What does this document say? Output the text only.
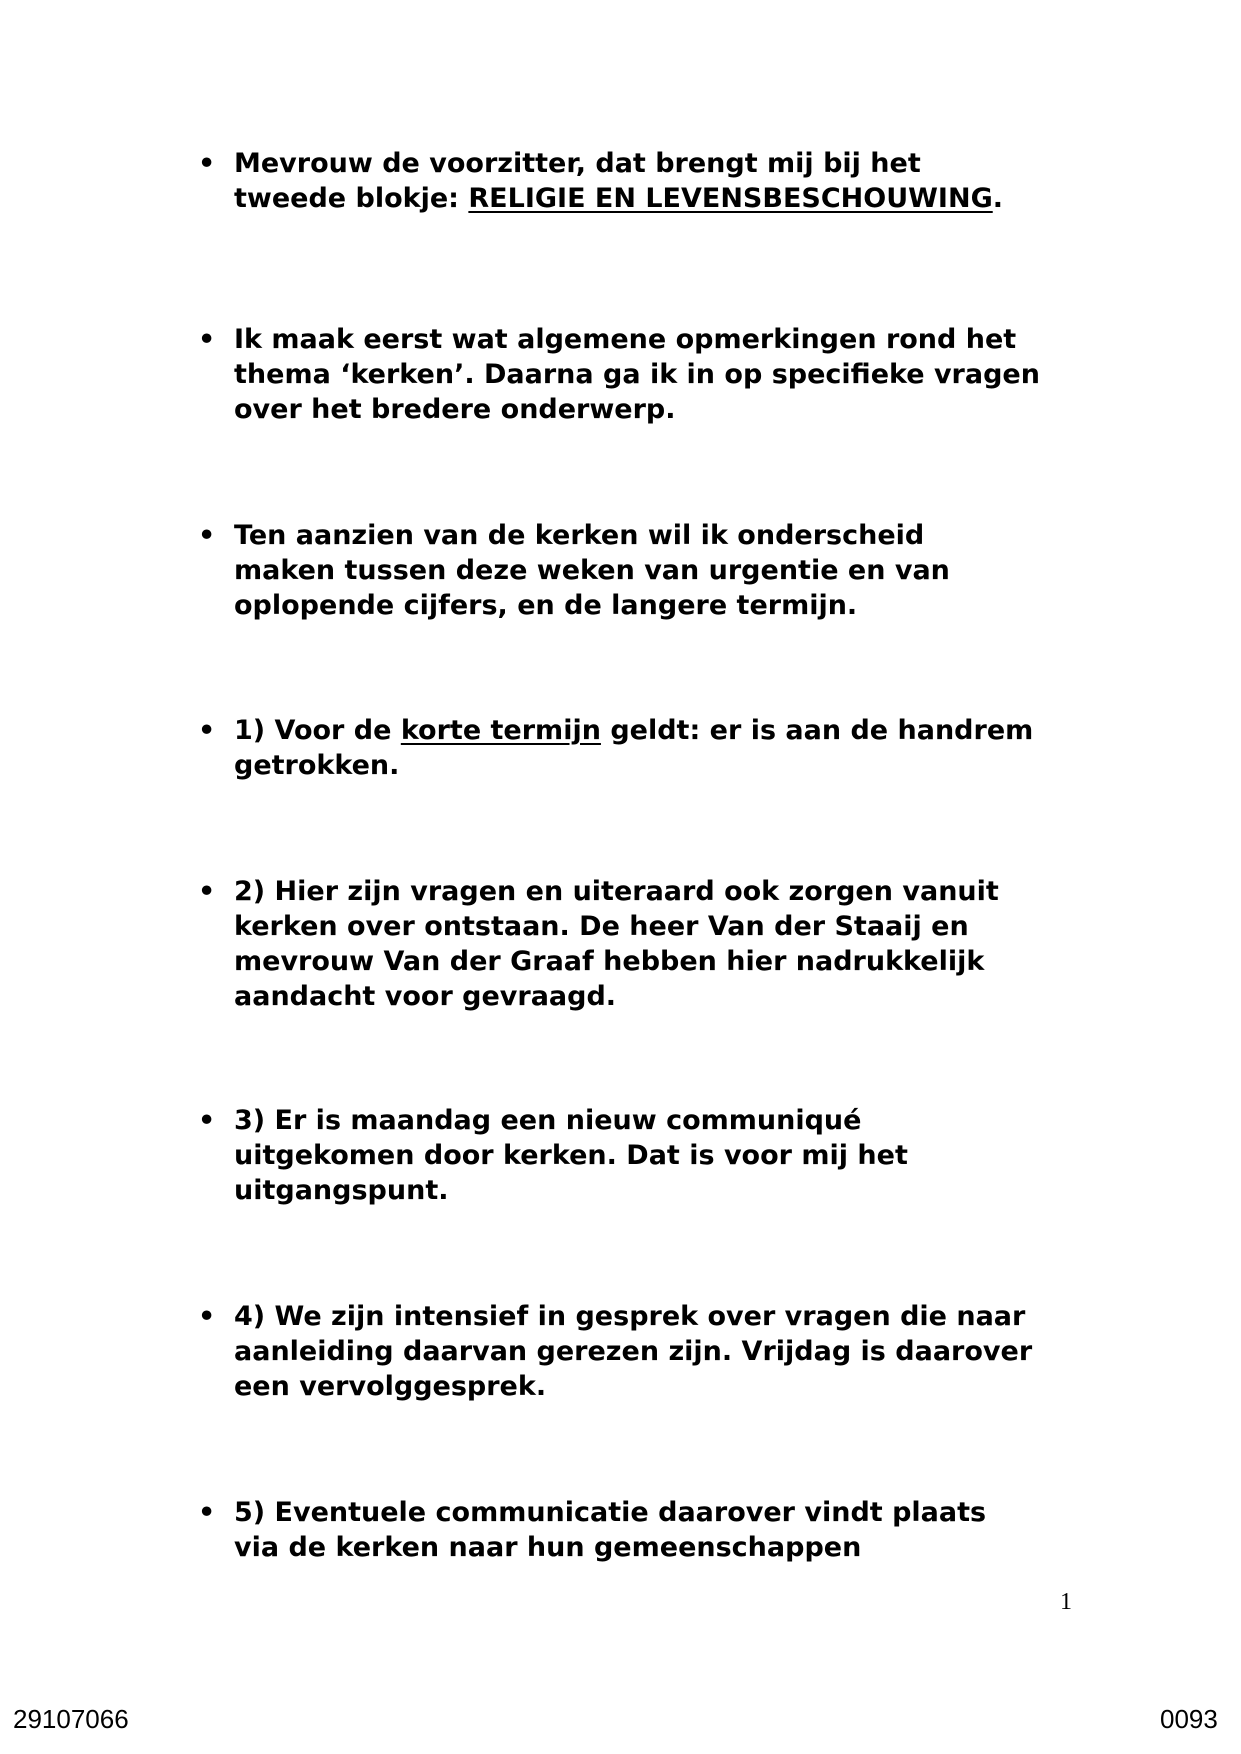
• Mevrouw de voorzitter, dat brengt mij bij het
tweede blokje: RELIGIE EN LEVENSBESCHOUWING.
• Ik maak eerst wat algemene opmerkingen rond het
thema ‘kerken’. Daarna ga ik in op specifieke vragen
over het bredere onderwerp.
• Ten aanzien van de kerken wil ik onderscheid
maken tussen deze weken van urgentie en van
oplopende cijfers, en de langere termijn.
• 1) Voor de korte termijn geldt: er is aan de handrem
getrokken.
• 2) Hier zijn vragen en uiteraard ook zorgen vanuit
kerken over ontstaan. De heer Van der Staaij en
mevrouw Van der Graaf hebben hier nadrukkelijk
aandacht voor gevraagd.
• 3) Er is maandag een nieuw communiqué
uitgekomen door kerken. Dat is voor mij het
uitgangspunt.
• 4) We zijn intensief in gesprek over vragen die naar
aanleiding daarvan gerezen zijn. Vrijdag is daarover
een vervolggesprek.
• 5) Eventuele communicatie daarover vindt plaats
via de kerken naar hun gemeenschappen
1
29107066	0093
